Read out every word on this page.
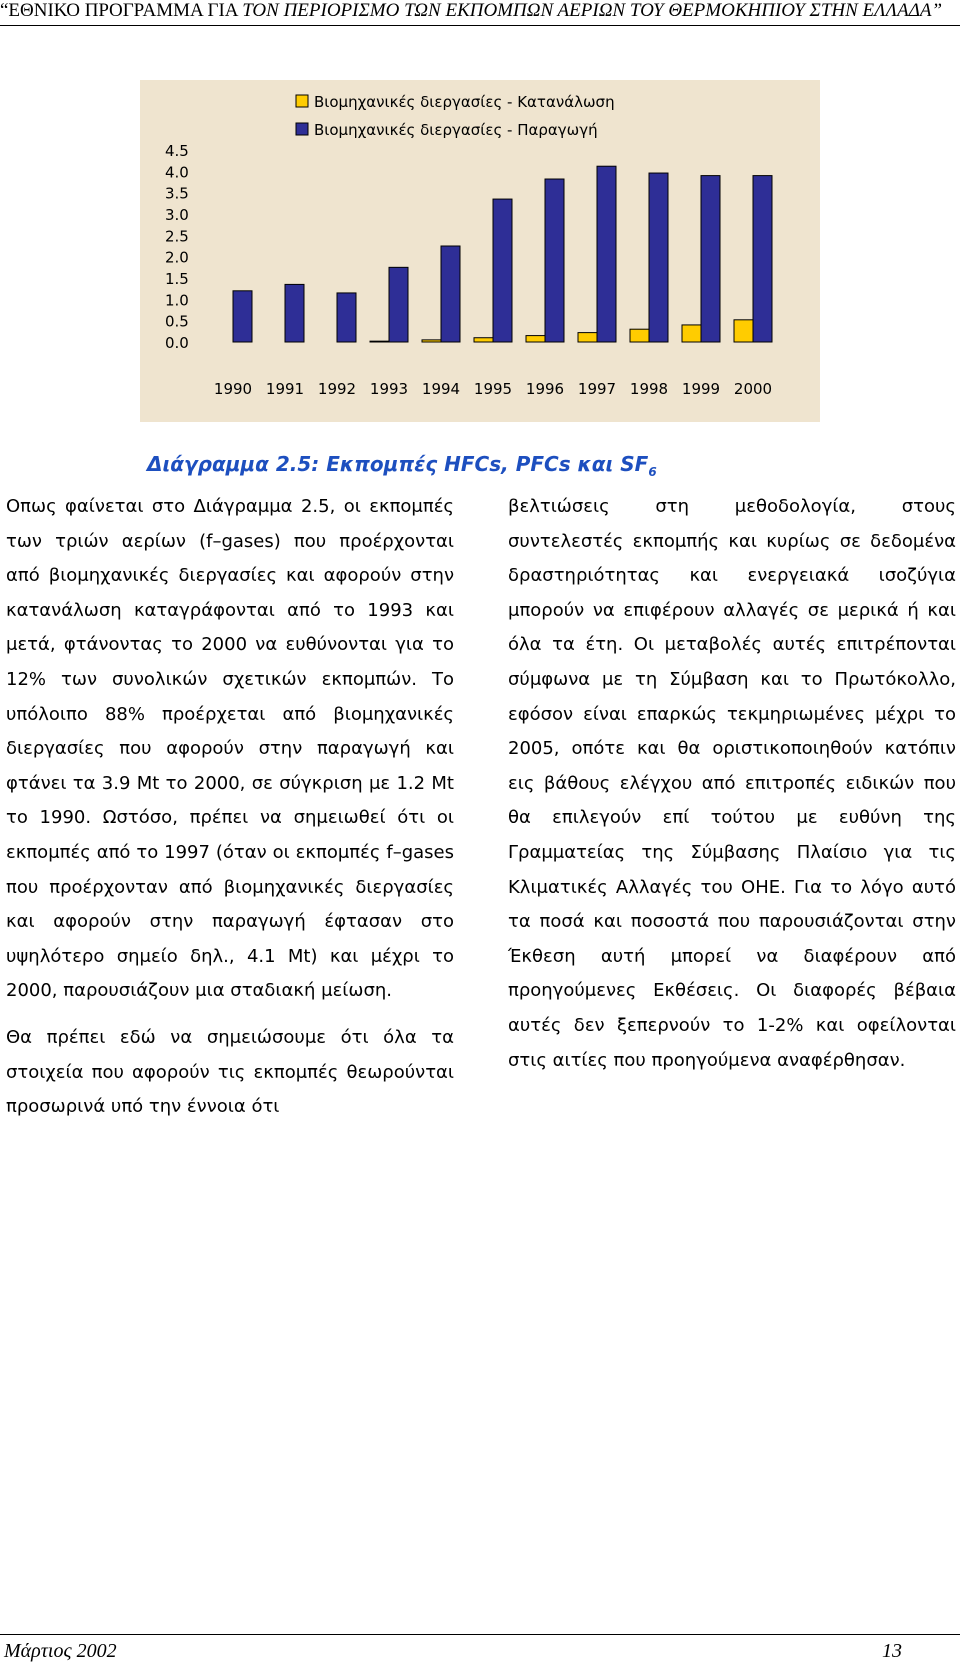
“ΕΘΝΙΚΟ ΠΡΟΓΡΑΜΜΑ ΓΙΑ ΤΟΝ ΠΕΡΙΟΡΙΣΜΟ ΤΩΝ ΕΚΠΟΜΠΩΝ ΑΕΡΙΩΝ ΤΟΥ ΘΕΡΜΟΚΗΠΙΟΥ ΣΤΗΝ ΕΛΛΑΔΑ”
Βιομηχανικές διεργασίες - Κατανάλωση
Βιομηχανικές διεργασίες - Παραγωγή
4.5
4.0
3.5
3.0
2.5
2.0
1.5
1.0
0.5
0.0
1990 1991 1992 1993 1994 1995 1996 1997 1998 1999 2000
Διάγραμμα 2.5: Εκπομπές HFCs, PFCs και $SF_6$

Οπως φαίνεται στο Διάγραμμα 2.5, οι εκπομπές των τριών αερίων (f–gases) που προέρχονται από βιομηχανικές διεργασίες και αφορούν στην κατανάλωση καταγράφονται από το 1993 και μετά, φτάνοντας το 2000 να ευθύνονται για το 12% των συνολικών σχετικών εκπομπών. Το υπόλοιπο 88% προέρχεται από βιομηχανικές διεργασίες που αφορούν στην παραγωγή και φτάνει τα 3.9 Mt το 2000, σε σύγκριση με 1.2 Mt το 1990. Ωστόσο, πρέπει να σημειωθεί ότι οι εκπομπές από το 1997 (όταν οι εκπομπές f–gases που προέρχονταν από βιομηχανικές διεργασίες και αφορούν στην παραγωγή έφτασαν στο υψηλότερο σημείο δηλ., 4.1 Mt) και μέχρι το 2000, παρουσιάζουν μια σταδιακή μείωση.

Θα πρέπει εδώ να σημειώσουμε ότι όλα τα στοιχεία που αφορούν τις εκπομπές θεωρούνται προσωρινά υπό την έννοια ότι

βελτιώσεις στη μεθοδολογία, στους συντελεστές εκπομπής και κυρίως σε δεδομένα δραστηριότητας και ενεργειακά ισοζύγια μπορούν να επιφέρουν αλλαγές σε μερικά ή και όλα τα έτη. Οι μεταβολές αυτές επιτρέπονται σύμφωνα με τη Σύμβαση και το Πρωτόκολλο, εφόσον είναι επαρκώς τεκμηριωμένες μέχρι το 2005, οπότε και θα οριστικοποιηθούν κατόπιν εις βάθους ελέγχου από επιτροπές ειδικών που θα επιλεγούν επί τούτου με ευθύνη της Γραμματείας της Σύμβασης Πλαίσιο για τις Κλιματικές Αλλαγές του ΟΗΕ. Για το λόγο αυτό τα ποσά και ποσοστά που παρουσιάζονται στην Έκθεση αυτή μπορεί να διαφέρουν από προηγούμενες Εκθέσεις. Οι διαφορές βέβαια αυτές δεν ξεπερνούν το 1-2% και οφείλονται στις αιτίες που προηγούμενα αναφέρθησαν.

Μάρτιος 2002	13
